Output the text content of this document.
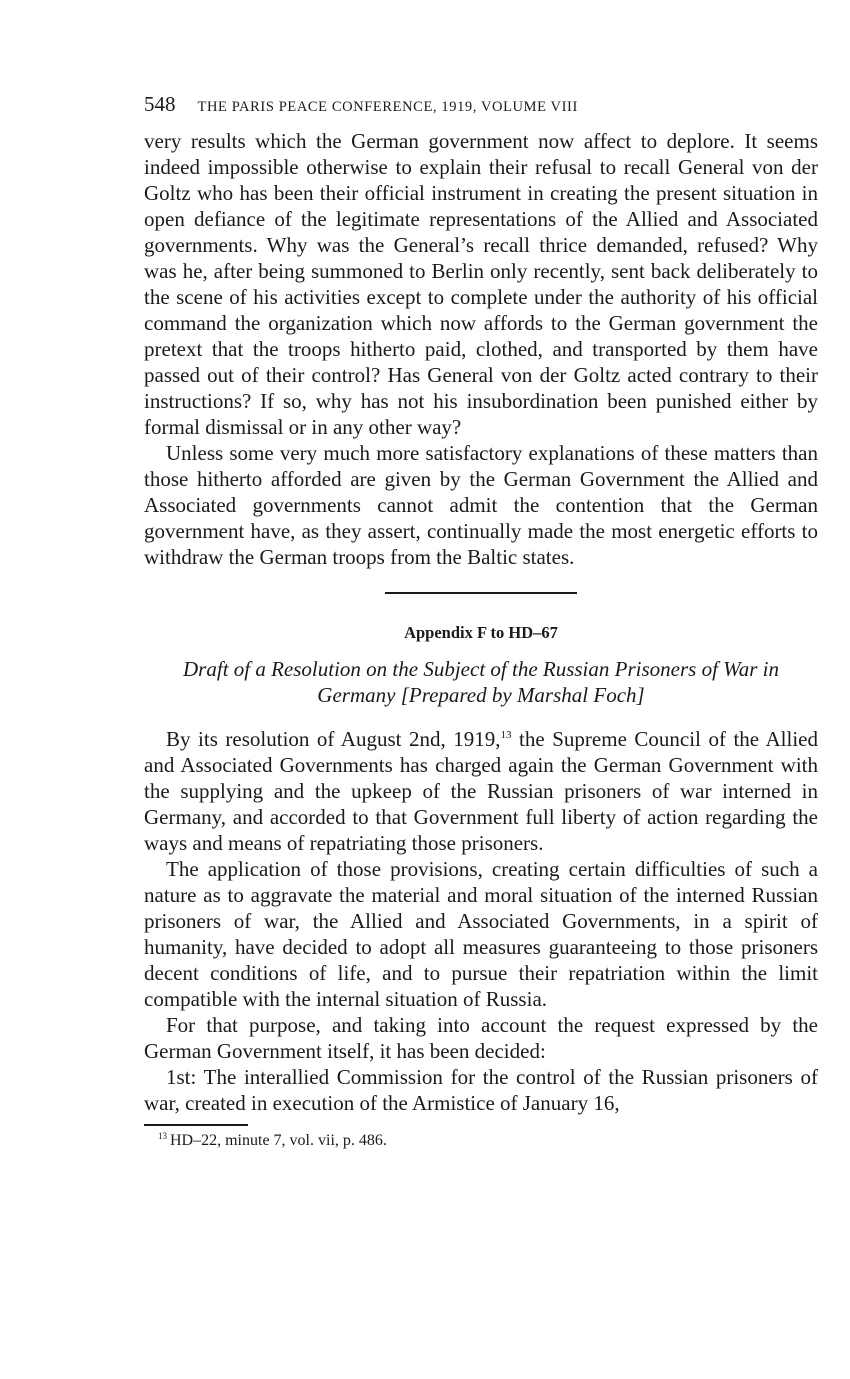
548 THE PARIS PEACE CONFERENCE, 1919, VOLUME VIII

very results which the German government now affect to deplore. It seems indeed impossible otherwise to explain their refusal to recall General von der Goltz who has been their official instrument in creating the present situation in open defiance of the legitimate representations of the Allied and Associated governments. Why was the General’s recall thrice demanded, refused? Why was he, after being summoned to Berlin only recently, sent back deliberately to the scene of his activities except to complete under the authority of his official command the organization which now affords to the German government the pretext that the troops hitherto paid, clothed, and transported by them have passed out of their control? Has General von der Goltz acted contrary to their instructions? If so, why has not his insubordination been punished either by formal dismissal or in any other way?

Unless some very much more satisfactory explanations of these matters than those hitherto afforded are given by the German Government the Allied and Associated governments cannot admit the contention that the German government have, as they assert, continually made the most energetic efforts to withdraw the German troops from the Baltic states.

Appendix F to HD–67
Draft of a Resolution on the Subject of the Russian Prisoners of War in Germany [Prepared by Marshal Foch]

By its resolution of August 2nd, 1919,13 the Supreme Council of the Allied and Associated Governments has charged again the German Government with the supplying and the upkeep of the Russian prisoners of war interned in Germany, and accorded to that Government full liberty of action regarding the ways and means of repatriating those prisoners.

The application of those provisions, creating certain difficulties of such a nature as to aggravate the material and moral situation of the interned Russian prisoners of war, the Allied and Associated Governments, in a spirit of humanity, have decided to adopt all measures guaranteeing to those prisoners decent conditions of life, and to pursue their repatriation within the limit compatible with the internal situation of Russia.

For that purpose, and taking into account the request expressed by the German Government itself, it has been decided:

1st: The interallied Commission for the control of the Russian prisoners of war, created in execution of the Armistice of January 16,

$^{13}$ HD–22, minute 7, vol. vii, p. 486.
